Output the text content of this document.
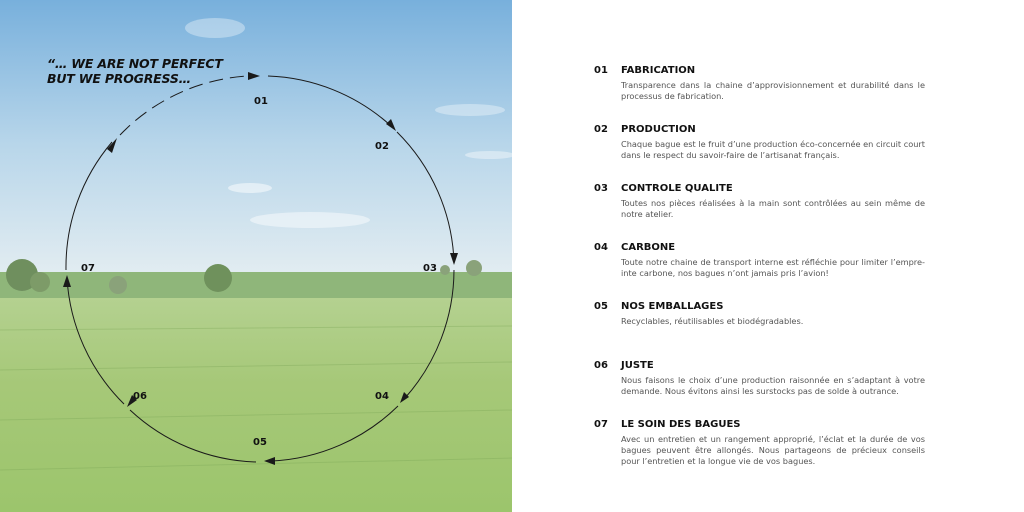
“… WE ARE NOT PERFECT
BUT WE PROGRESS…
01
02
03
04
05
06
07
01 FABRICATION
Transparence dans la chaine d’approvisionnement et durabilité dans le processus de fabrication.
02 PRODUCTION
Chaque bague est le fruit d’une production éco-concernée en circuit court dans le respect du savoir-faire de l’artisanat français.
03 CONTROLE QUALITE
Toutes nos pièces réalisées à la main sont contrôlées au sein même de notre atelier.
04 CARBONE
Toute notre chaine de transport interne est réfléchie pour limiter l’empreinte carbone, nos bagues n’ont jamais pris l’avion!
05 NOS EMBALLAGES
Recyclables, réutilisables et biodégradables.
06 JUSTE
Nous faisons le choix d’une production raisonnée en s’adaptant à votre demande. Nous évitons ainsi les surstocks pas de solde à outrance.
07 LE SOIN DES BAGUES
Avec un entretien et un rangement approprié, l’éclat et la durée de vos bagues peuvent être allongés. Nous partageons de précieux conseils pour l’entretien et la longue vie de vos bagues.
